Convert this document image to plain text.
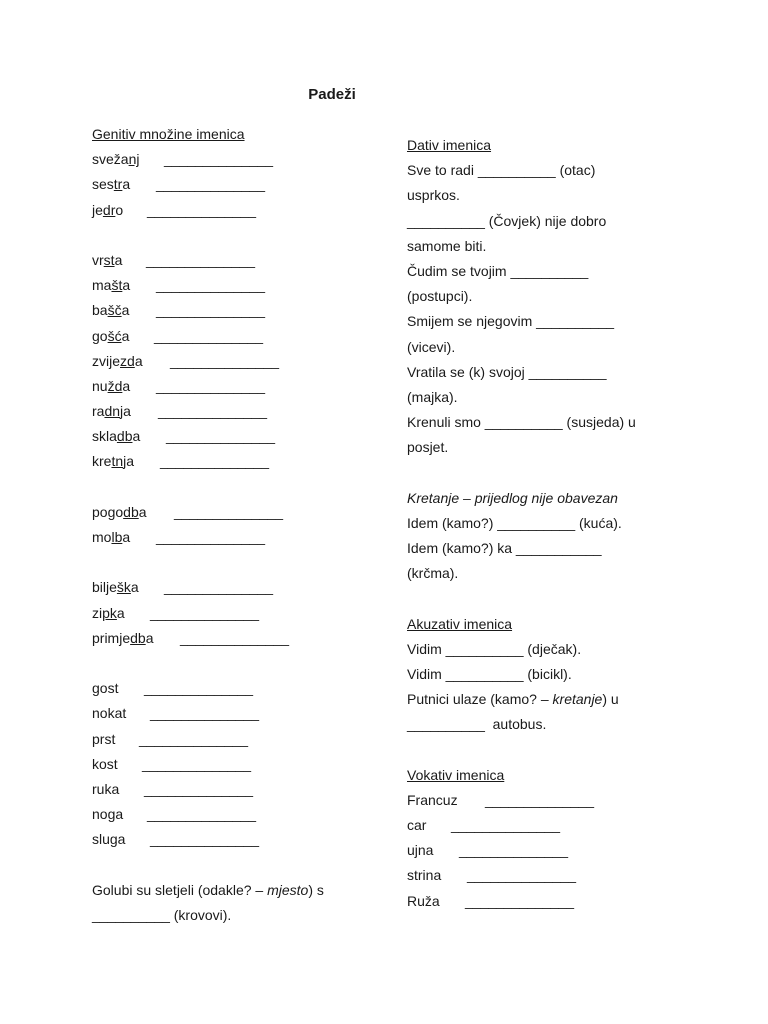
Padeži
Genitiv množine imenica
svežanj ______________
sestra ______________
jedro ______________
vrsta ______________
mašta ______________
bašča ______________
gošća ______________
zvijezda ______________
nužda ______________
radnja ______________
skladba ______________
kretnja ______________
pogodba ______________
molba ______________
bilješka ______________
zipka ______________
primjedba ______________
gost ______________
nokat ______________
prst ______________
kost ______________
ruka ______________
noga ______________
sluga ______________
Golubi su sletjeli (odakle? – mjesto) s
__________ (krovovi).
Dativ imenica
Sve to radi __________ (otac)
usprkos.
__________ (Čovjek) nije dobro
samome biti.
Čudim se tvojim __________
(postupci).
Smijem se njegovim __________
(vicevi).
Vratila se (k) svojoj __________
(majka).
Krenuli smo __________ (susjeda) u
posjet.
Kretanje – prijedlog nije obavezan
Idem (kamo?) __________ (kuća).
Idem (kamo?) ka ___________
(krčma).
Akuzativ imenica
Vidim __________ (dječak).
Vidim __________ (bicikl).
Putnici ulaze (kamo? – kretanje) u
__________  autobus.
Vokativ imenica
Francuz ______________
car ______________
ujna ______________
strina ______________
Ruža ______________
